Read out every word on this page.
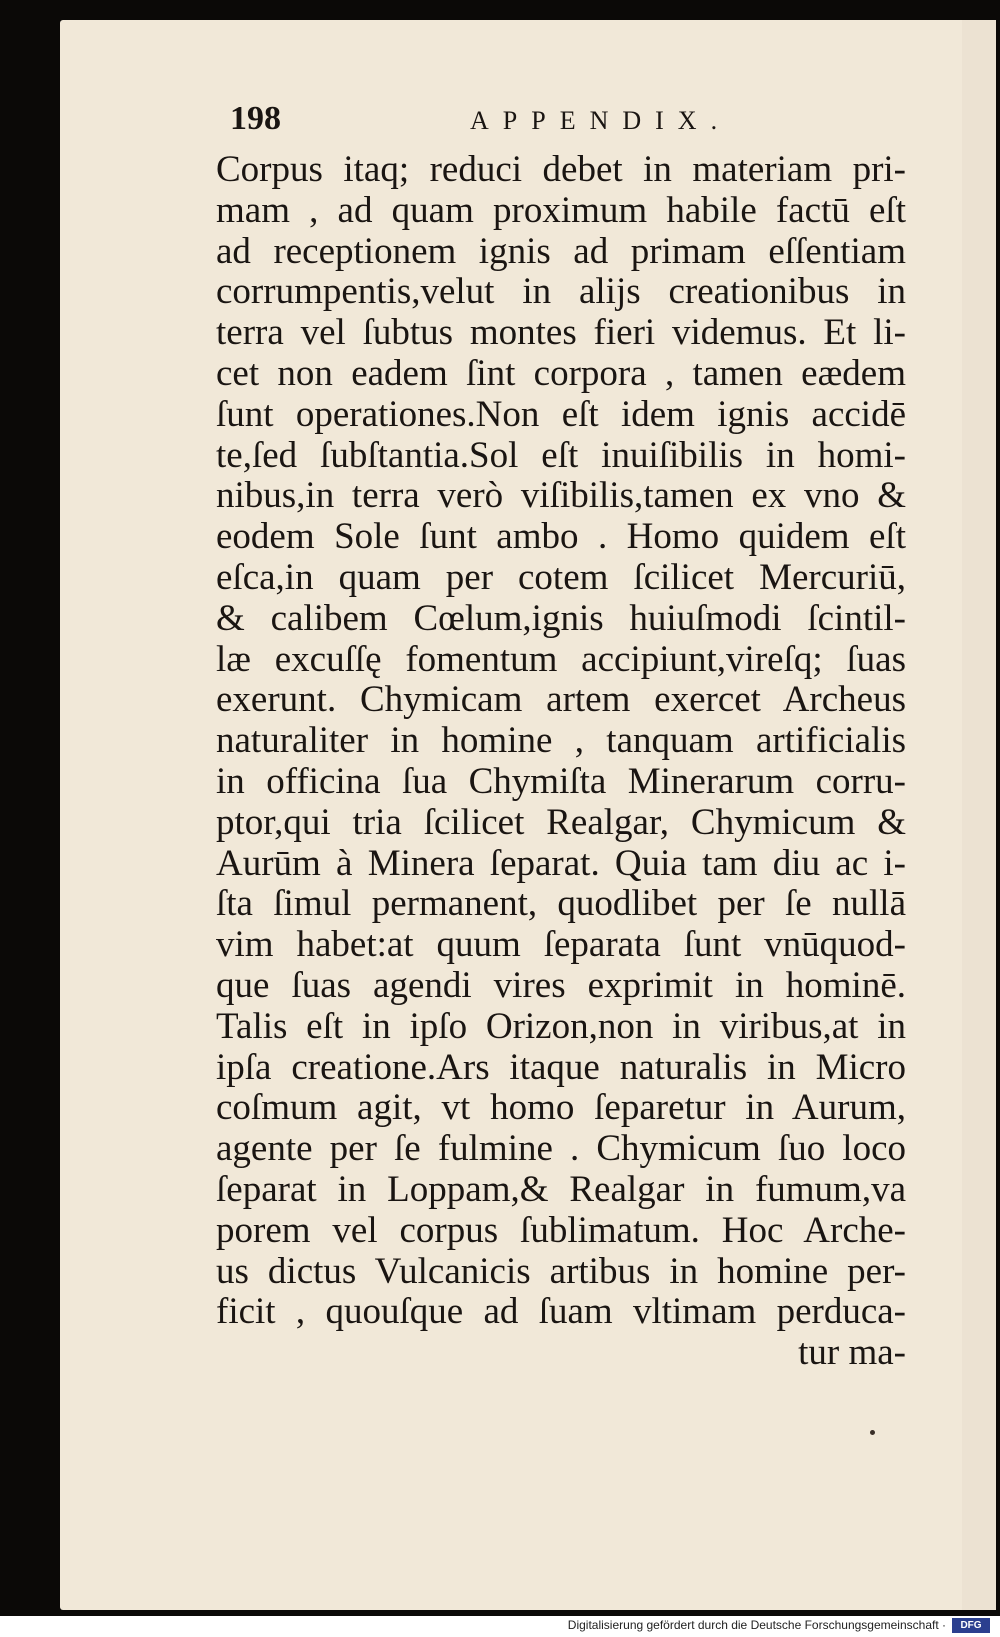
198	APPENDIX.
Corpus itaq; reduci debet in materiam pri-
mam , ad quam proximum habile factū eſt
ad receptionem ignis ad primam eſſentiam
corrumpentis,velut in alijs creationibus in
terra vel ſubtus montes fieri videmus. Et li-
cet non eadem ſint corpora , tamen eædem
ſunt operationes.Non eſt idem ignis accidē
te,ſed ſubſtantia.Sol eſt inuiſibilis in homi-
nibus,in terra verò viſibilis,tamen ex vno &
eodem Sole ſunt ambo . Homo quidem eſt
eſca,in quam per cotem ſcilicet Mercuriū,
& calibem Cœlum,ignis huiuſmodi ſcintil-
læ excuſſę fomentum accipiunt,vireſq; ſuas
exerunt. Chymicam artem exercet Archeus
naturaliter in homine , tanquam artificialis
in officina ſua Chymiſta Minerarum corru-
ptor,qui tria ſcilicet Realgar, Chymicum &
Aurūm à Minera ſeparat. Quia tam diu ac i-
ſta ſimul permanent, quodlibet per ſe nullā
vim habet:at quum ſeparata ſunt vnūquod-
que ſuas agendi vires exprimit in hominē.
Talis eſt in ipſo Orizon,non in viribus,at in
ipſa creatione.Ars itaque naturalis in Micro
coſmum agit, vt homo ſeparetur in Aurum,
agente per ſe fulmine . Chymicum ſuo loco
ſeparat in Loppam,& Realgar in fumum,va
porem vel corpus ſublimatum. Hoc Arche-
us dictus Vulcanicis artibus in homine per-
ficit , quouſque ad ſuam vltimam perduca-
tur ma-
Digitalisierung gefördert durch die Deutsche Forschungsgemeinschaft ·	DFG
